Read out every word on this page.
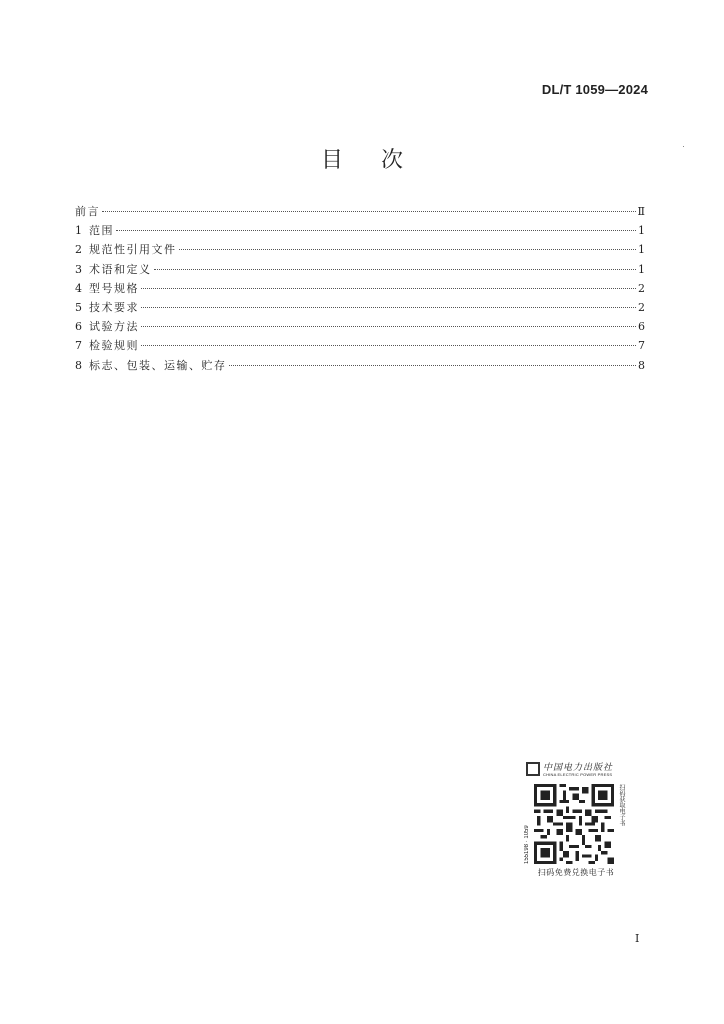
DL/T 1059—2024
目次
前言	Ⅱ
1 范围	1
2 规范性引用文件	1
3 术语和定义	1
4 型号规格	2
5 技术要求	2
6 试验方法	6
7 检验规则	7
8 标志、包装、运输、贮存	8
中国电力出版社
CHINA ELECTRIC POWER PRESS
155198 · 1059
扫码获取电子书
扫码免费兑换电子书
I
